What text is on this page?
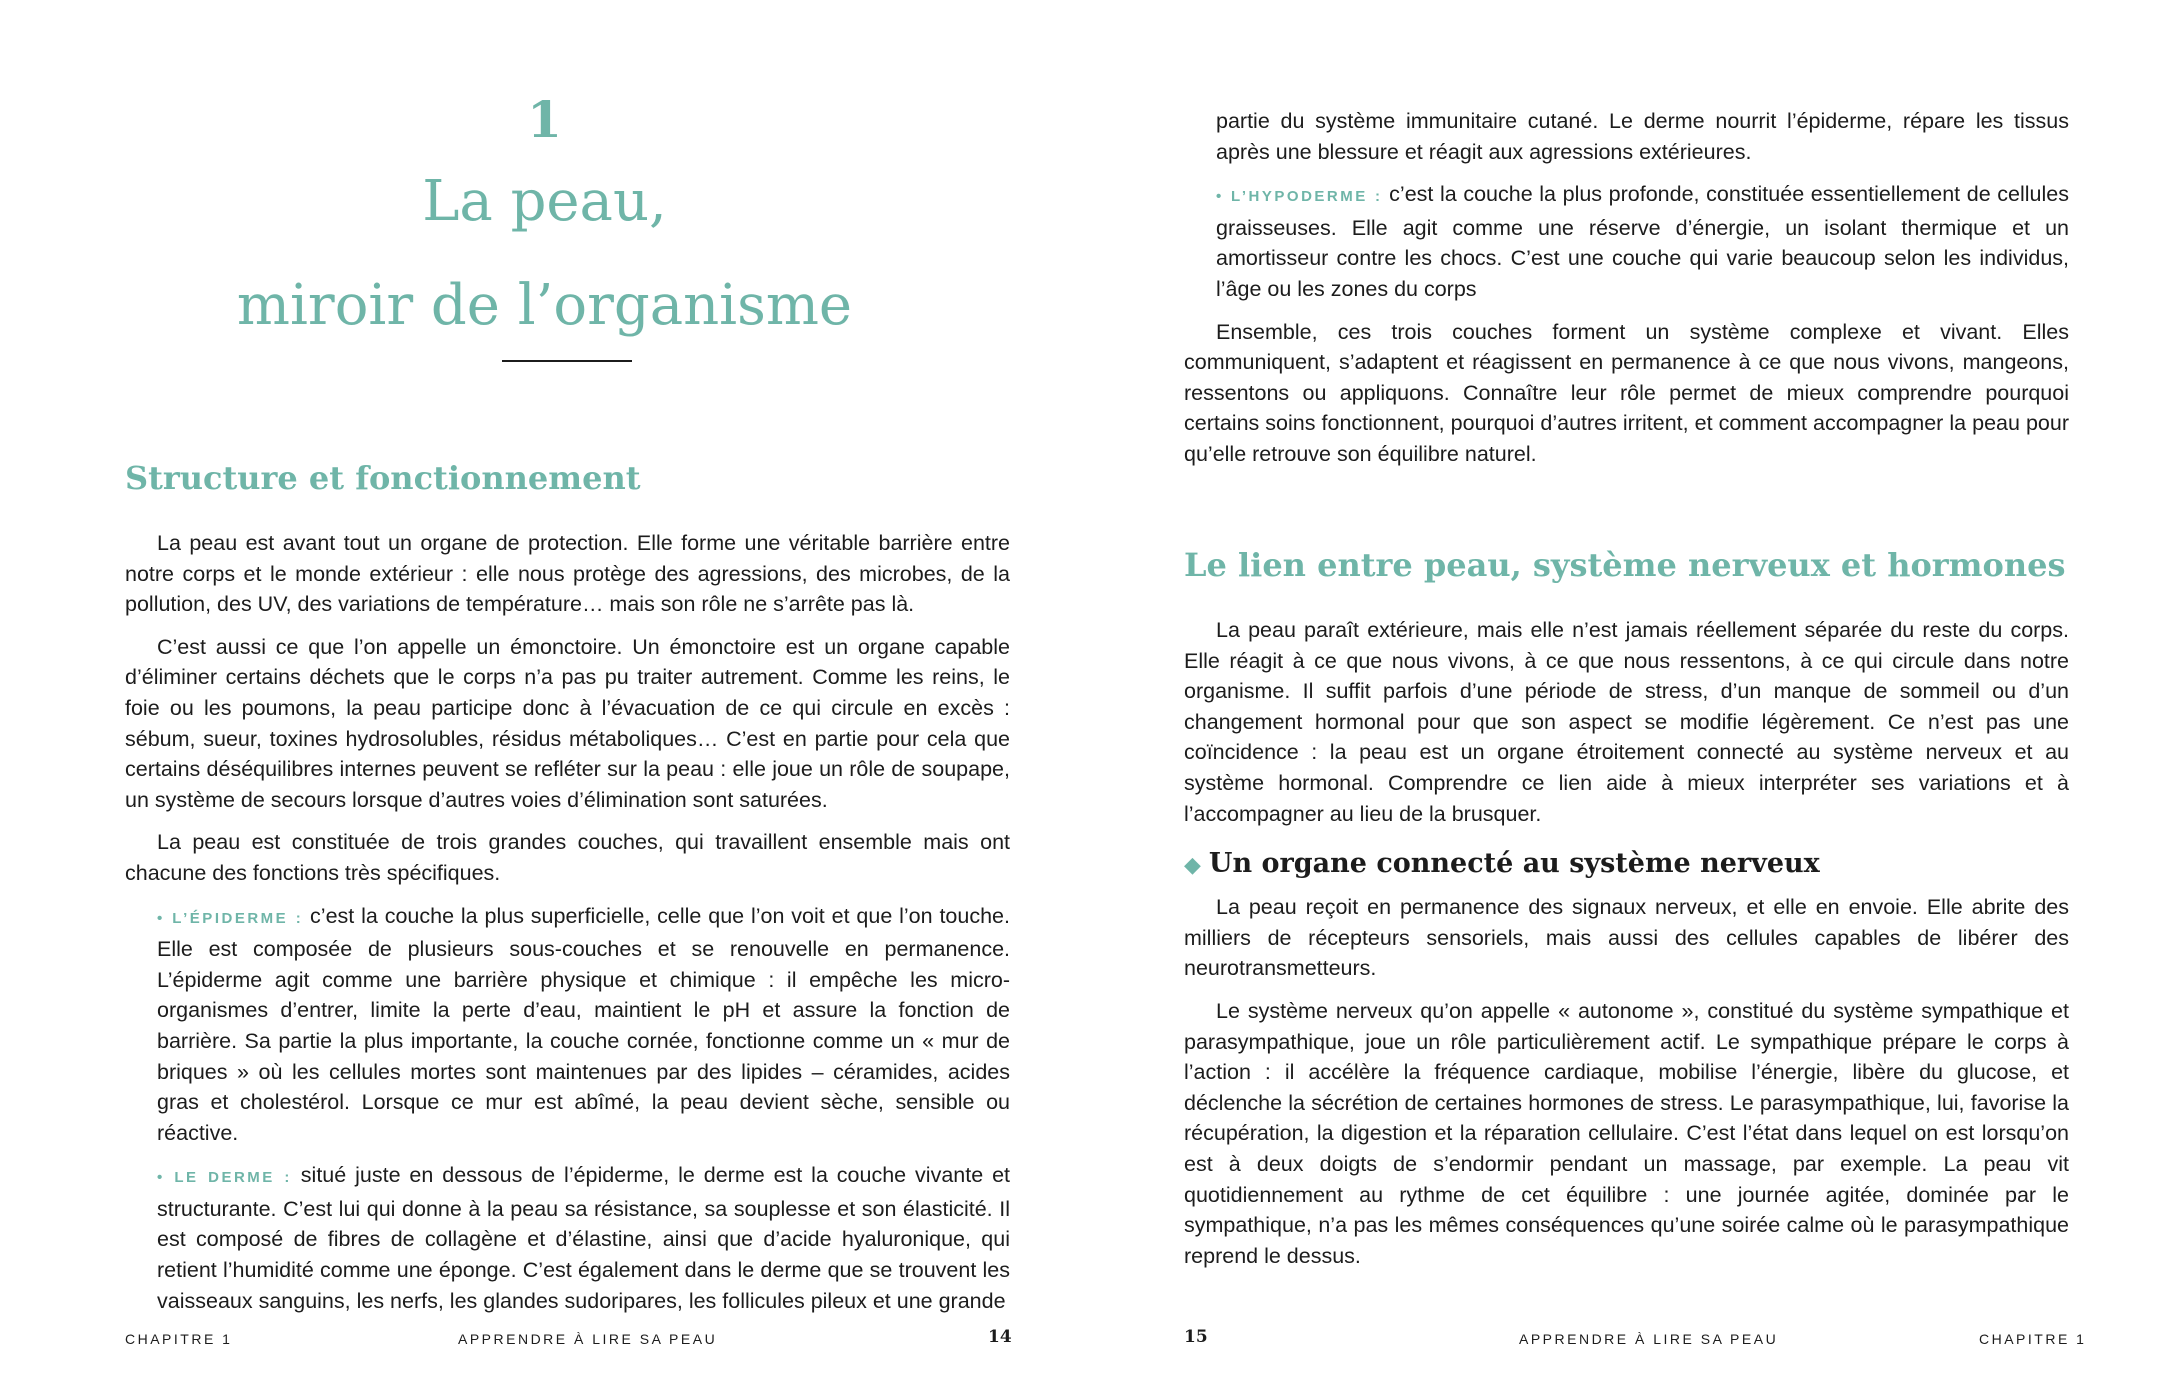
1
La peau,
miroir de l’organisme
Structure et fonctionnement

La peau est avant tout un organe de protection. Elle forme une véritable barrière entre notre corps et le monde extérieur : elle nous protège des agressions, des microbes, de la pollution, des UV, des variations de température… mais son rôle ne s’arrête pas là.

C’est aussi ce que l’on appelle un émonctoire. Un émonctoire est un organe capable d’éliminer certains déchets que le corps n’a pas pu traiter autrement. Comme les reins, le foie ou les poumons, la peau participe donc à l’évacuation de ce qui circule en excès : sébum, sueur, toxines hydrosolubles, résidus métaboliques… C’est en partie pour cela que certains déséquilibres internes peuvent se refléter sur la peau : elle joue un rôle de soupape, un système de secours lorsque d’autres voies d’élimination sont saturées.

La peau est constituée de trois grandes couches, qui travaillent ensemble mais ont chacune des fonctions très spécifiques.

• L’ÉPIDERME : c’est la couche la plus superficielle, celle que l’on voit et que l’on touche. Elle est composée de plusieurs sous-couches et se renouvelle en permanence. L’épiderme agit comme une barrière physique et chimique : il empêche les micro-organismes d’entrer, limite la perte d’eau, maintient le pH et assure la fonction de barrière. Sa partie la plus importante, la couche cornée, fonctionne comme un « mur de briques » où les cellules mortes sont maintenues par des lipides – céramides, acides gras et cholestérol. Lorsque ce mur est abîmé, la peau devient sèche, sensible ou réactive.

• LE DERME : situé juste en dessous de l’épiderme, le derme est la couche vivante et structurante. C’est lui qui donne à la peau sa résistance, sa souplesse et son élasticité. Il est composé de fibres de collagène et d’élastine, ainsi que d’acide hyaluronique, qui retient l’humidité comme une éponge. C’est également dans le derme que se trouvent les vaisseaux sanguins, les nerfs, les glandes sudoripares, les follicules pileux et une grande

CHAPITRE 1	APPRENDRE À LIRE SA PEAU	14

partie du système immunitaire cutané. Le derme nourrit l’épiderme, répare les tissus après une blessure et réagit aux agressions extérieures.

• L’HYPODERME : c’est la couche la plus profonde, constituée essentiellement de cellules graisseuses. Elle agit comme une réserve d’énergie, un isolant thermique et un amortisseur contre les chocs. C’est une couche qui varie beaucoup selon les individus, l’âge ou les zones du corps

Ensemble, ces trois couches forment un système complexe et vivant. Elles communiquent, s’adaptent et réagissent en permanence à ce que nous vivons, mangeons, ressentons ou appliquons. Connaître leur rôle permet de mieux comprendre pourquoi certains soins fonctionnent, pourquoi d’autres irritent, et comment accompagner la peau pour qu’elle retrouve son équilibre naturel.

Le lien entre peau, système nerveux et hormones

La peau paraît extérieure, mais elle n’est jamais réellement séparée du reste du corps. Elle réagit à ce que nous vivons, à ce que nous ressentons, à ce qui circule dans notre organisme. Il suffit parfois d’une période de stress, d’un manque de sommeil ou d’un changement hormonal pour que son aspect se modifie légèrement. Ce n’est pas une coïncidence : la peau est un organe étroitement connecté au système nerveux et au système hormonal. Comprendre ce lien aide à mieux interpréter ses variations et à l’accompagner au lieu de la brusquer.

◆ Un organe connecté au système nerveux

La peau reçoit en permanence des signaux nerveux, et elle en envoie. Elle abrite des milliers de récepteurs sensoriels, mais aussi des cellules capables de libérer des neurotransmetteurs.

Le système nerveux qu’on appelle « autonome », constitué du système sympathique et parasympathique, joue un rôle particulièrement actif. Le sympathique prépare le corps à l’action : il accélère la fréquence cardiaque, mobilise l’énergie, libère du glucose, et déclenche la sécrétion de certaines hormones de stress. Le parasympathique, lui, favorise la récupération, la digestion et la réparation cellulaire. C’est l’état dans lequel on est lorsqu’on est à deux doigts de s’endormir pendant un massage, par exemple. La peau vit quotidiennement au rythme de cet équilibre : une journée agitée, dominée par le sympathique, n’a pas les mêmes conséquences qu’une soirée calme où le parasympathique reprend le dessus.

15	APPRENDRE À LIRE SA PEAU	CHAPITRE 1
